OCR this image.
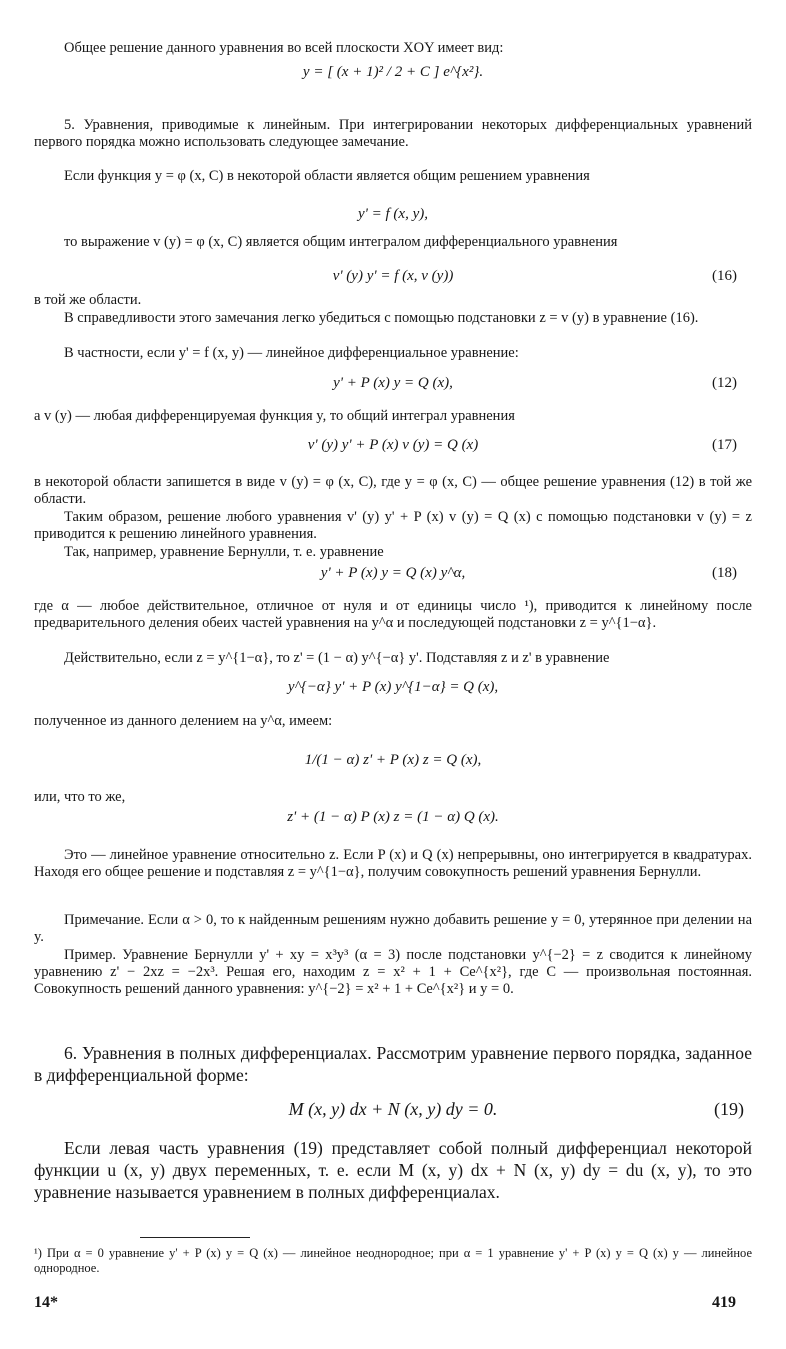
Общее решение данного уравнения во всей плоскости XOY имеет вид:

y = [ (x + 1)² / 2 + C ] e^{x²}.

5. Уравнения, приводимые к линейным. При интегрировании некоторых дифференциальных уравнений первого порядка можно использовать следующее замечание.

Если функция y = φ (x, C) в некоторой области является общим решением уравнения

y' = f (x, y),

то выражение v (y) = φ (x, C) является общим интегралом дифференциального уравнения

v' (y) y' = f (x, v (y))	(16)

в той же области.

В справедливости этого замечания легко убедиться с помощью подстановки z = v (y) в уравнение (16).

В частности, если y' = f (x, y) — линейное дифференциальное уравнение:

y' + P (x) y = Q (x),	(12)

а v (y) — любая дифференцируемая функция y, то общий интеграл уравнения

v' (y) y' + P (x) v (y) = Q (x)	(17)

в некоторой области запишется в виде v (y) = φ (x, C), где y = φ (x, C) — общее решение уравнения (12) в той же области.

Таким образом, решение любого уравнения v' (y) y' + P (x) v (y) = Q (x) с помощью подстановки v (y) = z приводится к решению линейного уравнения.

Так, например, уравнение Бернулли, т. е. уравнение

y' + P (x) y = Q (x) y^α,	(18)

где α — любое действительное, отличное от нуля и от единицы число ¹), приводится к линейному после предварительного деления обеих частей уравнения на y^α и последующей подстановки z = y^{1−α}.

Действительно, если z = y^{1−α}, то z' = (1 − α) y^{−α} y'. Подставляя z и z' в уравнение

y^{−α} y' + P (x) y^{1−α} = Q (x),

полученное из данного делением на y^α, имеем:

1/(1 − α) z' + P (x) z = Q (x),

или, что то же,

z' + (1 − α) P (x) z = (1 − α) Q (x).

Это — линейное уравнение относительно z. Если P (x) и Q (x) непрерывны, оно интегрируется в квадратурах. Находя его общее решение и подставляя z = y^{1−α}, получим совокупность решений уравнения Бернулли.

Примечание. Если α > 0, то к найденным решениям нужно добавить решение y = 0, утерянное при делении на y.

Пример. Уравнение Бернулли y' + xy = x³y³ (α = 3) после подстановки y^{−2} = z сводится к линейному уравнению z' − 2xz = −2x³. Решая его, находим z = x² + 1 + Ce^{x²}, где C — произвольная постоянная. Совокупность решений данного уравнения: y^{−2} = x² + 1 + Ce^{x²} и y = 0.

6. Уравнения в полных дифференциалах. Рассмотрим уравнение первого порядка, заданное в дифференциальной форме:

M (x, y) dx + N (x, y) dy = 0.	(19)

Если левая часть уравнения (19) представляет собой полный дифференциал некоторой функции u (x, y) двух переменных, т. е. если M (x, y) dx + N (x, y) dy = du (x, y), то это уравнение называется уравнением в полных дифференциалах.

¹) При α = 0 уравнение y' + P (x) y = Q (x) — линейное неоднородное; при α = 1 уравнение y' + P (x) y = Q (x) y — линейное однородное.

14*	419
